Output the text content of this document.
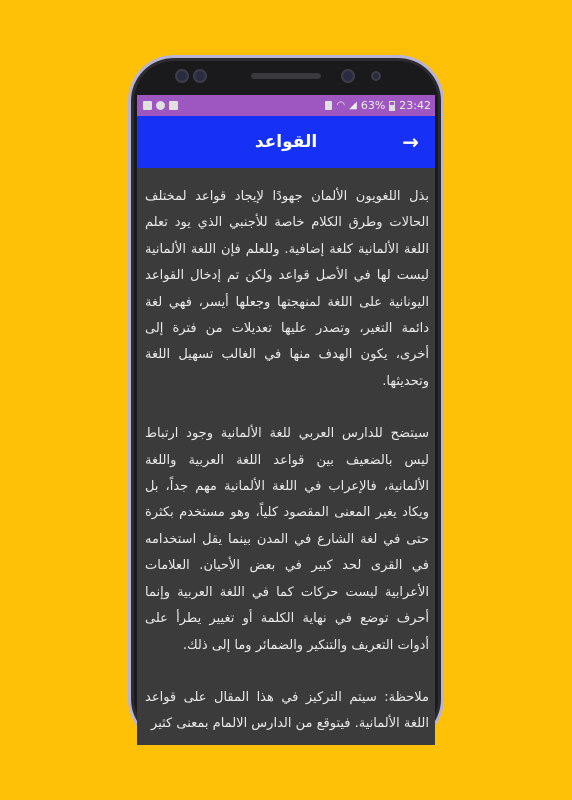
◠ ◢ 63% 23:42
القواعد	→

بذل اللغويون الألمان جهودًا لإيجاد قواعد لمختلف الحالات وطرق الكلام خاصة للأجنبي الذي يود تعلم اللغة الألمانية كلغة إضافية. وللعلم فإن اللغة الألمانية ليست لها في الأصل قواعد ولكن تم إدخال القواعد اليونانية على اللغة لمنهجتها وجعلها أيسر، فهي لغة دائمة التغير، وتصدر عليها تعديلات من فترة إلى أخرى، يكون الهدف منها في الغالب تسهيل اللغة وتحديثها.

سيتضح للدارس العربي للغة الألمانية وجود ارتباط ليس بالضعيف بين قواعد اللغة العربية واللغة الألمانية، فالإعراب في اللغة الألمانية مهم جداً، بل ويكاد يغير المعنى المقصود كلياً، وهو مستخدم بكثرة حتى في لغة الشارع في المدن بينما يقل استخدامه في القرى لحد كبير في بعض الأحيان. العلامات الأعرابية ليست حركات كما في اللغة العربية وإنما أحرف توضع في نهاية الكلمة أو تغيير يطرأ على أدوات التعريف والتنكير والضمائر وما إلى ذلك.

ملاحظة: سيتم التركيز في هذا المقال على قواعد اللغة الألمانية. فيتوقع من الدارس الالمام بمعنى كثير
